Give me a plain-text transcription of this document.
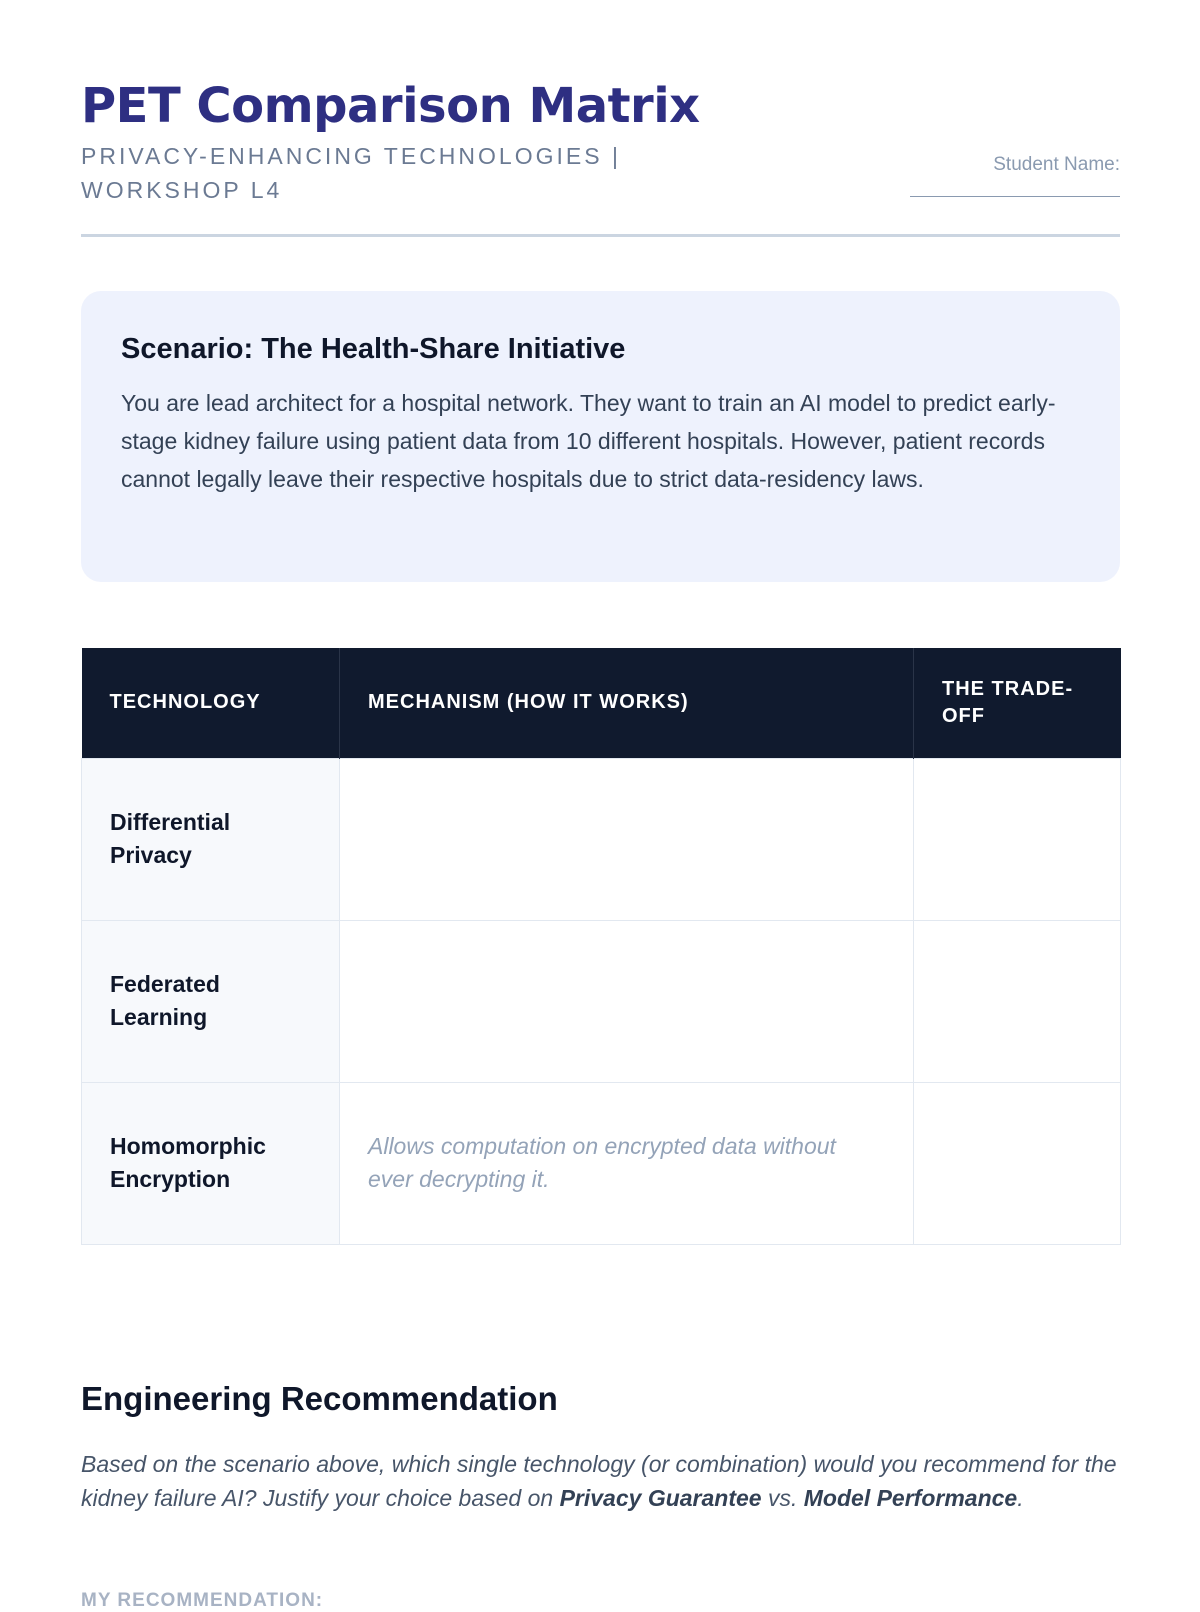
PET Comparison Matrix

PRIVACY-ENHANCING TECHNOLOGIES | WORKSHOP L4

Student Name:
Scenario: The Health-Share Initiative

You are lead architect for a hospital network. They want to train an AI model to predict early-stage kidney failure using patient data from 10 different hospitals. However, patient records cannot legally leave their respective hospitals due to strict data-residency laws.

TECHNOLOGY	MECHANISM (HOW IT WORKS)	THE TRADE-OFF
Differential Privacy		
Federated Learning		
Homomorphic Encryption	Allows computation on encrypted data without ever decrypting it.	
Engineering Recommendation

Based on the scenario above, which single technology (or combination) would you recommend for the kidney failure AI? Justify your choice based on Privacy Guarantee vs. Model Performance.

MY RECOMMENDATION:
